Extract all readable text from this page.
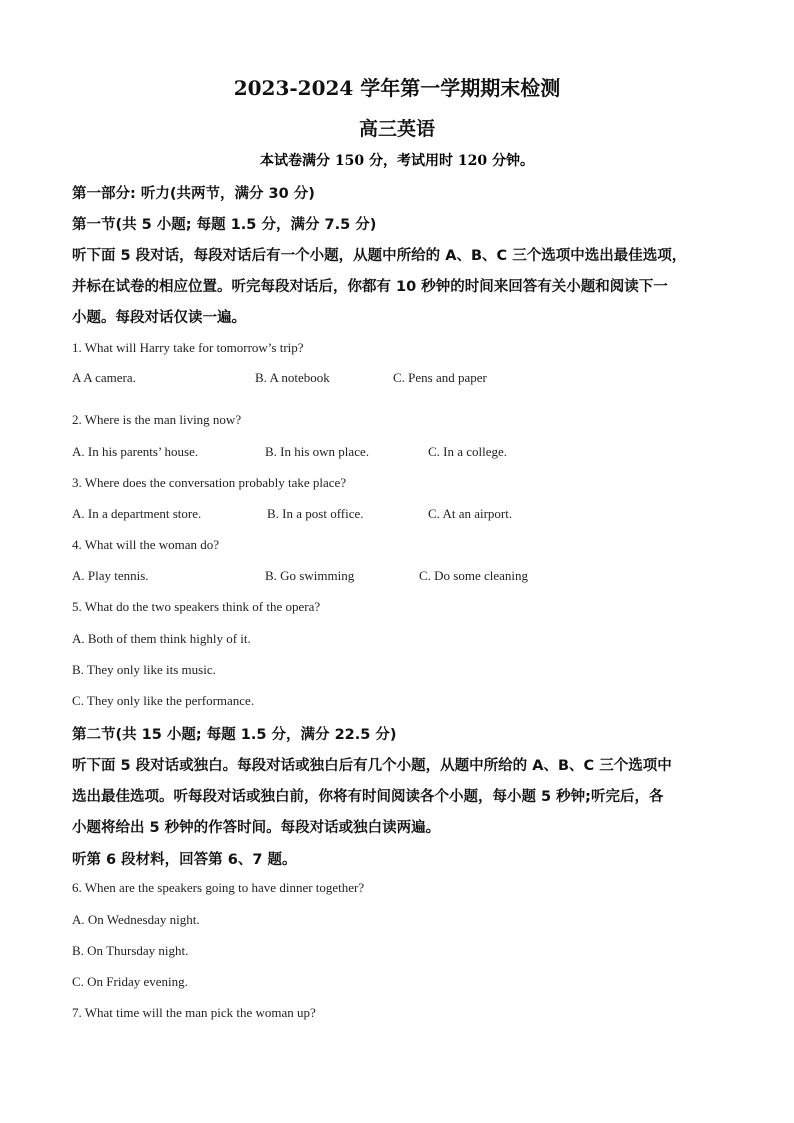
2023-2024 学年第一学期期末检测
高三英语
本试卷满分 150 分，考试用时 120 分钟。
第一部分: 听力(共两节，满分 30 分)
第一节(共 5 小题; 每题 1.5 分，满分 7.5 分)
听下面 5 段对话，每段对话后有一个小题，从题中所给的 A、B、C 三个选项中选出最佳选项，
并标在试卷的相应位置。听完每段对话后，你都有 10 秒钟的时间来回答有关小题和阅读下一
小题。每段对话仅读一遍。
1. What will Harry take for tomorrow’s trip?
A A camera.	B. A notebook	C. Pens and paper
2. Where is the man living now?
A. In his parents’ house.	B. In his own place.	C. In a college.
3. Where does the conversation probably take place?
A. In a department store.	B. In a post office.	C. At an airport.
4. What will the woman do?
A. Play tennis.	B. Go swimming	C. Do some cleaning
5. What do the two speakers think of the opera?
A. Both of them think highly of it.
B. They only like its music.
C. They only like the performance.
第二节(共 15 小题; 每题 1.5 分，满分 22.5 分)
听下面 5 段对话或独白。每段对话或独白后有几个小题，从题中所给的 A、B、C 三个选项中
选出最佳选项。听每段对话或独白前，你将有时间阅读各个小题，每小题 5 秒钟;听完后，各
小题将给出 5 秒钟的作答时间。每段对话或独白读两遍。
听第 6 段材料，回答第 6、7 题。
6. When are the speakers going to have dinner together?
A. On Wednesday night.
B. On Thursday night.
C. On Friday evening.
7. What time will the man pick the woman up?
